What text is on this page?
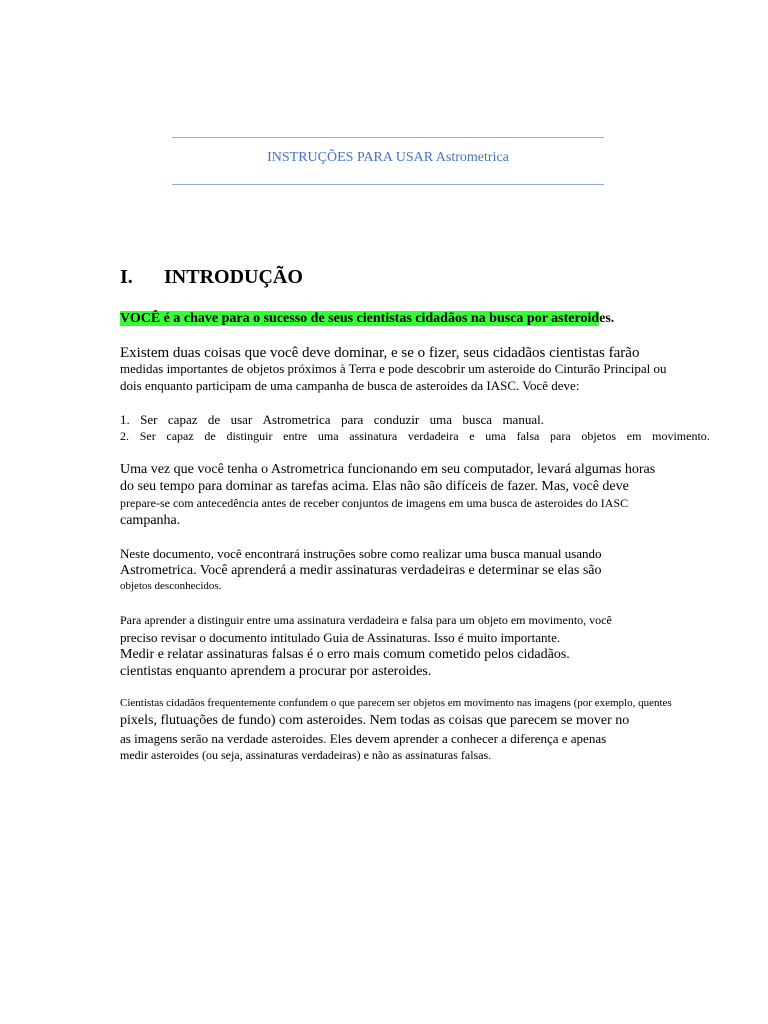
INSTRUÇÕES PARA USAR Astrometrica
I. INTRODUÇÃO
VOCÊ é a chave para o sucesso de seus cientistas cidadãos na busca por asteroides.
Existem duas coisas que você deve dominar, e se o fizer, seus cidadãos cientistas farão
medidas importantes de objetos próximos à Terra e pode descobrir um asteroide do Cinturão Principal ou
dois enquanto participam de uma campanha de busca de asteroides da IASC. Você deve:
1. Ser capaz de usar Astrometrica para conduzir uma busca manual.
2. Ser capaz de distinguir entre uma assinatura verdadeira e uma falsa para objetos em movimento.
Uma vez que você tenha o Astrometrica funcionando em seu computador, levará algumas horas
do seu tempo para dominar as tarefas acima. Elas não são difíceis de fazer. Mas, você deve
prepare-se com antecedência antes de receber conjuntos de imagens em uma busca de asteroides do IASC
campanha.
Neste documento, você encontrará instruções sobre como realizar uma busca manual usando
Astrometrica. Você aprenderá a medir assinaturas verdadeiras e determinar se elas são
objetos desconhecidos.
Para aprender a distinguir entre uma assinatura verdadeira e falsa para um objeto em movimento, você
preciso revisar o documento intitulado Guia de Assinaturas. Isso é muito importante.
Medir e relatar assinaturas falsas é o erro mais comum cometido pelos cidadãos.
cientistas enquanto aprendem a procurar por asteroides.
Cientistas cidadãos frequentemente confundem o que parecem ser objetos em movimento nas imagens (por exemplo, quentes
pixels, flutuações de fundo) com asteroides. Nem todas as coisas que parecem se mover no
as imagens serão na verdade asteroides. Eles devem aprender a conhecer a diferença e apenas
medir asteroides (ou seja, assinaturas verdadeiras) e não as assinaturas falsas.
